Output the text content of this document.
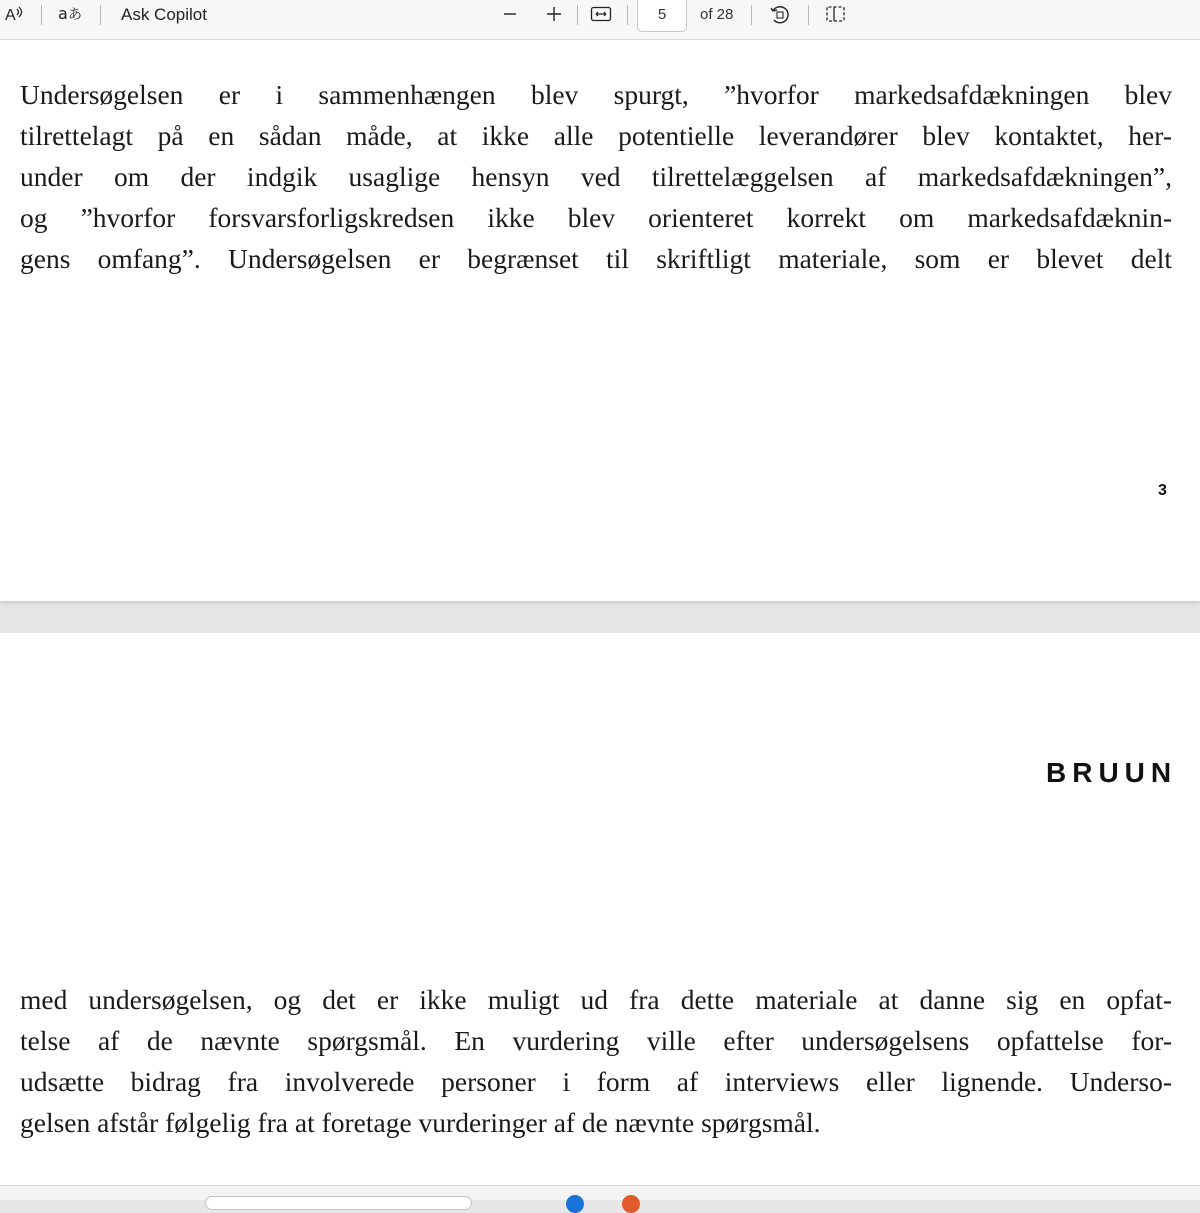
A	a あ Ask Copilot
5	of 28

Undersøgelsen er i sammenhængen blev spurgt, ”hvorfor markedsafdækningen blev
tilrettelagt på en sådan måde, at ikke alle potentielle leverandører blev kontaktet, her-
under om der indgik usaglige hensyn ved tilrettelæggelsen af markedsafdækningen”,
og ”hvorfor forsvarsforligskredsen ikke blev orienteret korrekt om markedsafdæknin-
gens omfang”. Undersøgelsen er begrænset til skriftligt materiale, som er blevet delt

3
BRUUN

med undersøgelsen, og det er ikke muligt ud fra dette materiale at danne sig en opfat-
telse af de nævnte spørgsmål. En vurdering ville efter undersøgelsens opfattelse for-
udsætte bidrag fra involverede personer i form af interviews eller lignende. Underso-
gelsen afstår følgelig fra at foretage vurderinger af de nævnte spørgsmål.
